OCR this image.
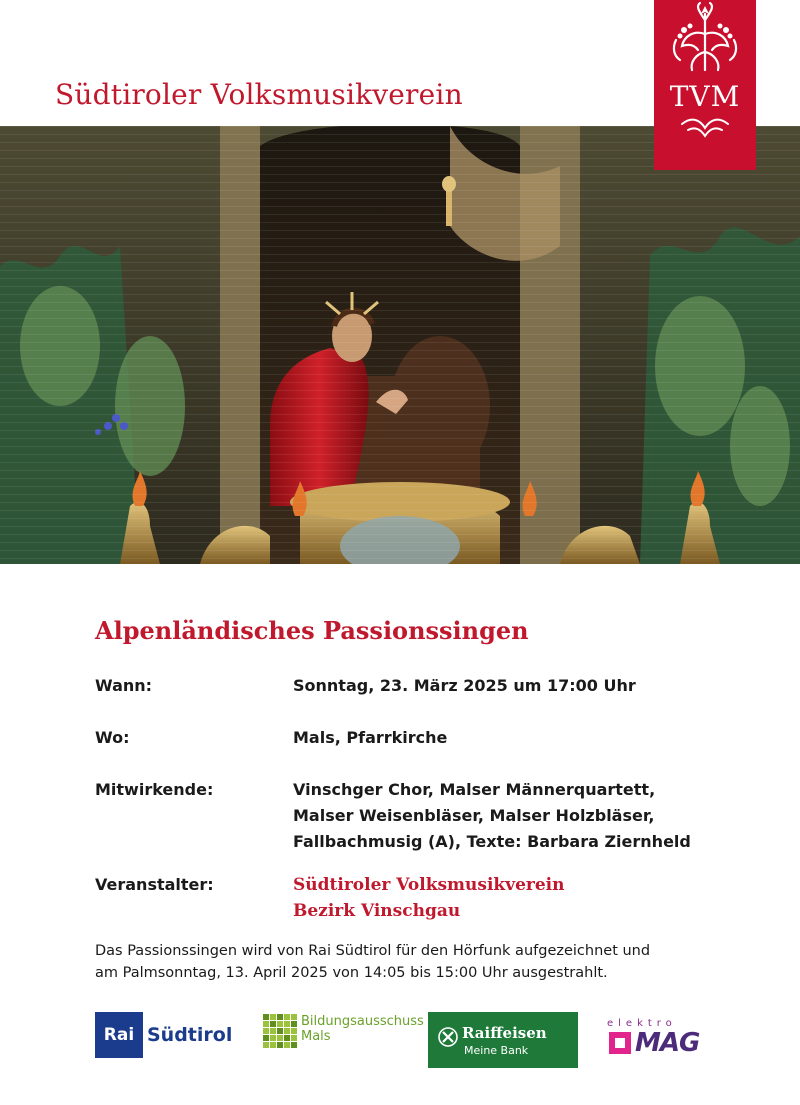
Südtiroler Volksmusikverein	TVM
Alpenländisches Passionssingen
Wann:	Sonntag, 23. März 2025 um 17:00 Uhr
Wo:	Mals, Pfarrkirche
Mitwirkende:	Vinschger Chor, Malser Männerquartett,
Malser Weisenbläser, Malser Holzbläser,
Fallbachmusig (A), Texte: Barbara Ziernheld
Veranstalter:	Südtiroler Volksmusikverein
Bezirk Vinschgau
Das Passionssingen wird von Rai Südtirol für den Hörfunk aufgezeichnet und
am Palmsonntag, 13. April 2025 von 14:05 bis 15:00 Uhr ausgestrahlt.
Rai Südtirol
Bildungsausschuss
Mals	Raiffeisen
Meine Bank
elektro
MAG
